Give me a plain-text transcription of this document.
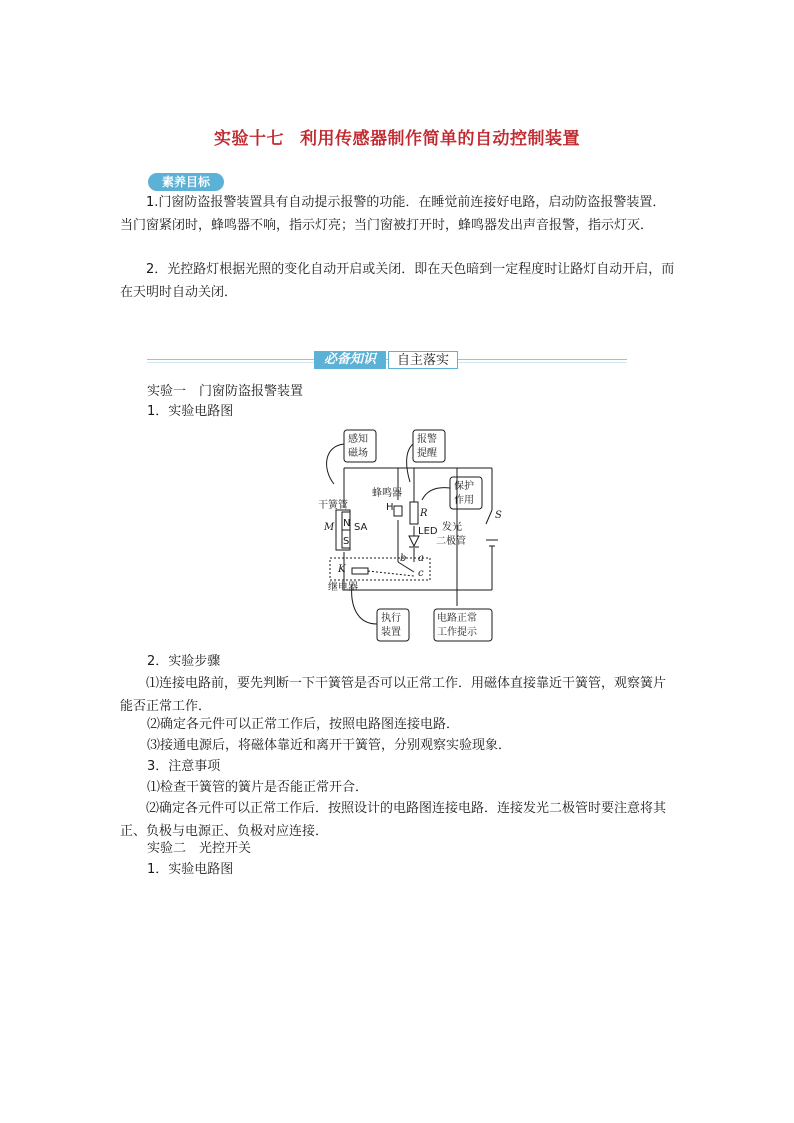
实验十七 利用传感器制作简单的自动控制装置
素养目标

1.门窗防盗报警装置具有自动提示报警的功能．在睡觉前连接好电路，启动防盗报警装置．当门窗紧闭时，蜂鸣器不响，指示灯亮；当门窗被打开时，蜂鸣器发出声音报警，指示灯灭．

2．光控路灯根据光照的变化自动开启或关闭．即在天色暗到一定程度时让路灯自动开启，而在天明时自动关闭．

必备知识	自主落实
实验一　门窗防盗报警装置
1．实验电路图
感知
磁场
报警
提醒
保护
作用
执行
装置
电路正常
工作提示
干簧管
蜂鸣器
H
R
M N
S
SA	LED 发光
二极管
S
K
继电器
b a
c
2．实验步骤

⑴连接电路前，要先判断一下干簧管是否可以正常工作．用磁体直接靠近干簧管，观察簧片能否正常工作．

⑵确定各元件可以正常工作后，按照电路图连接电路．
⑶接通电源后，将磁体靠近和离开干簧管，分别观察实验现象．
3．注意事项
⑴检查干簧管的簧片是否能正常开合．

⑵确定各元件可以正常工作后．按照设计的电路图连接电路．连接发光二极管时要注意将其正、负极与电源正、负极对应连接．

实验二　光控开关
1．实验电路图
